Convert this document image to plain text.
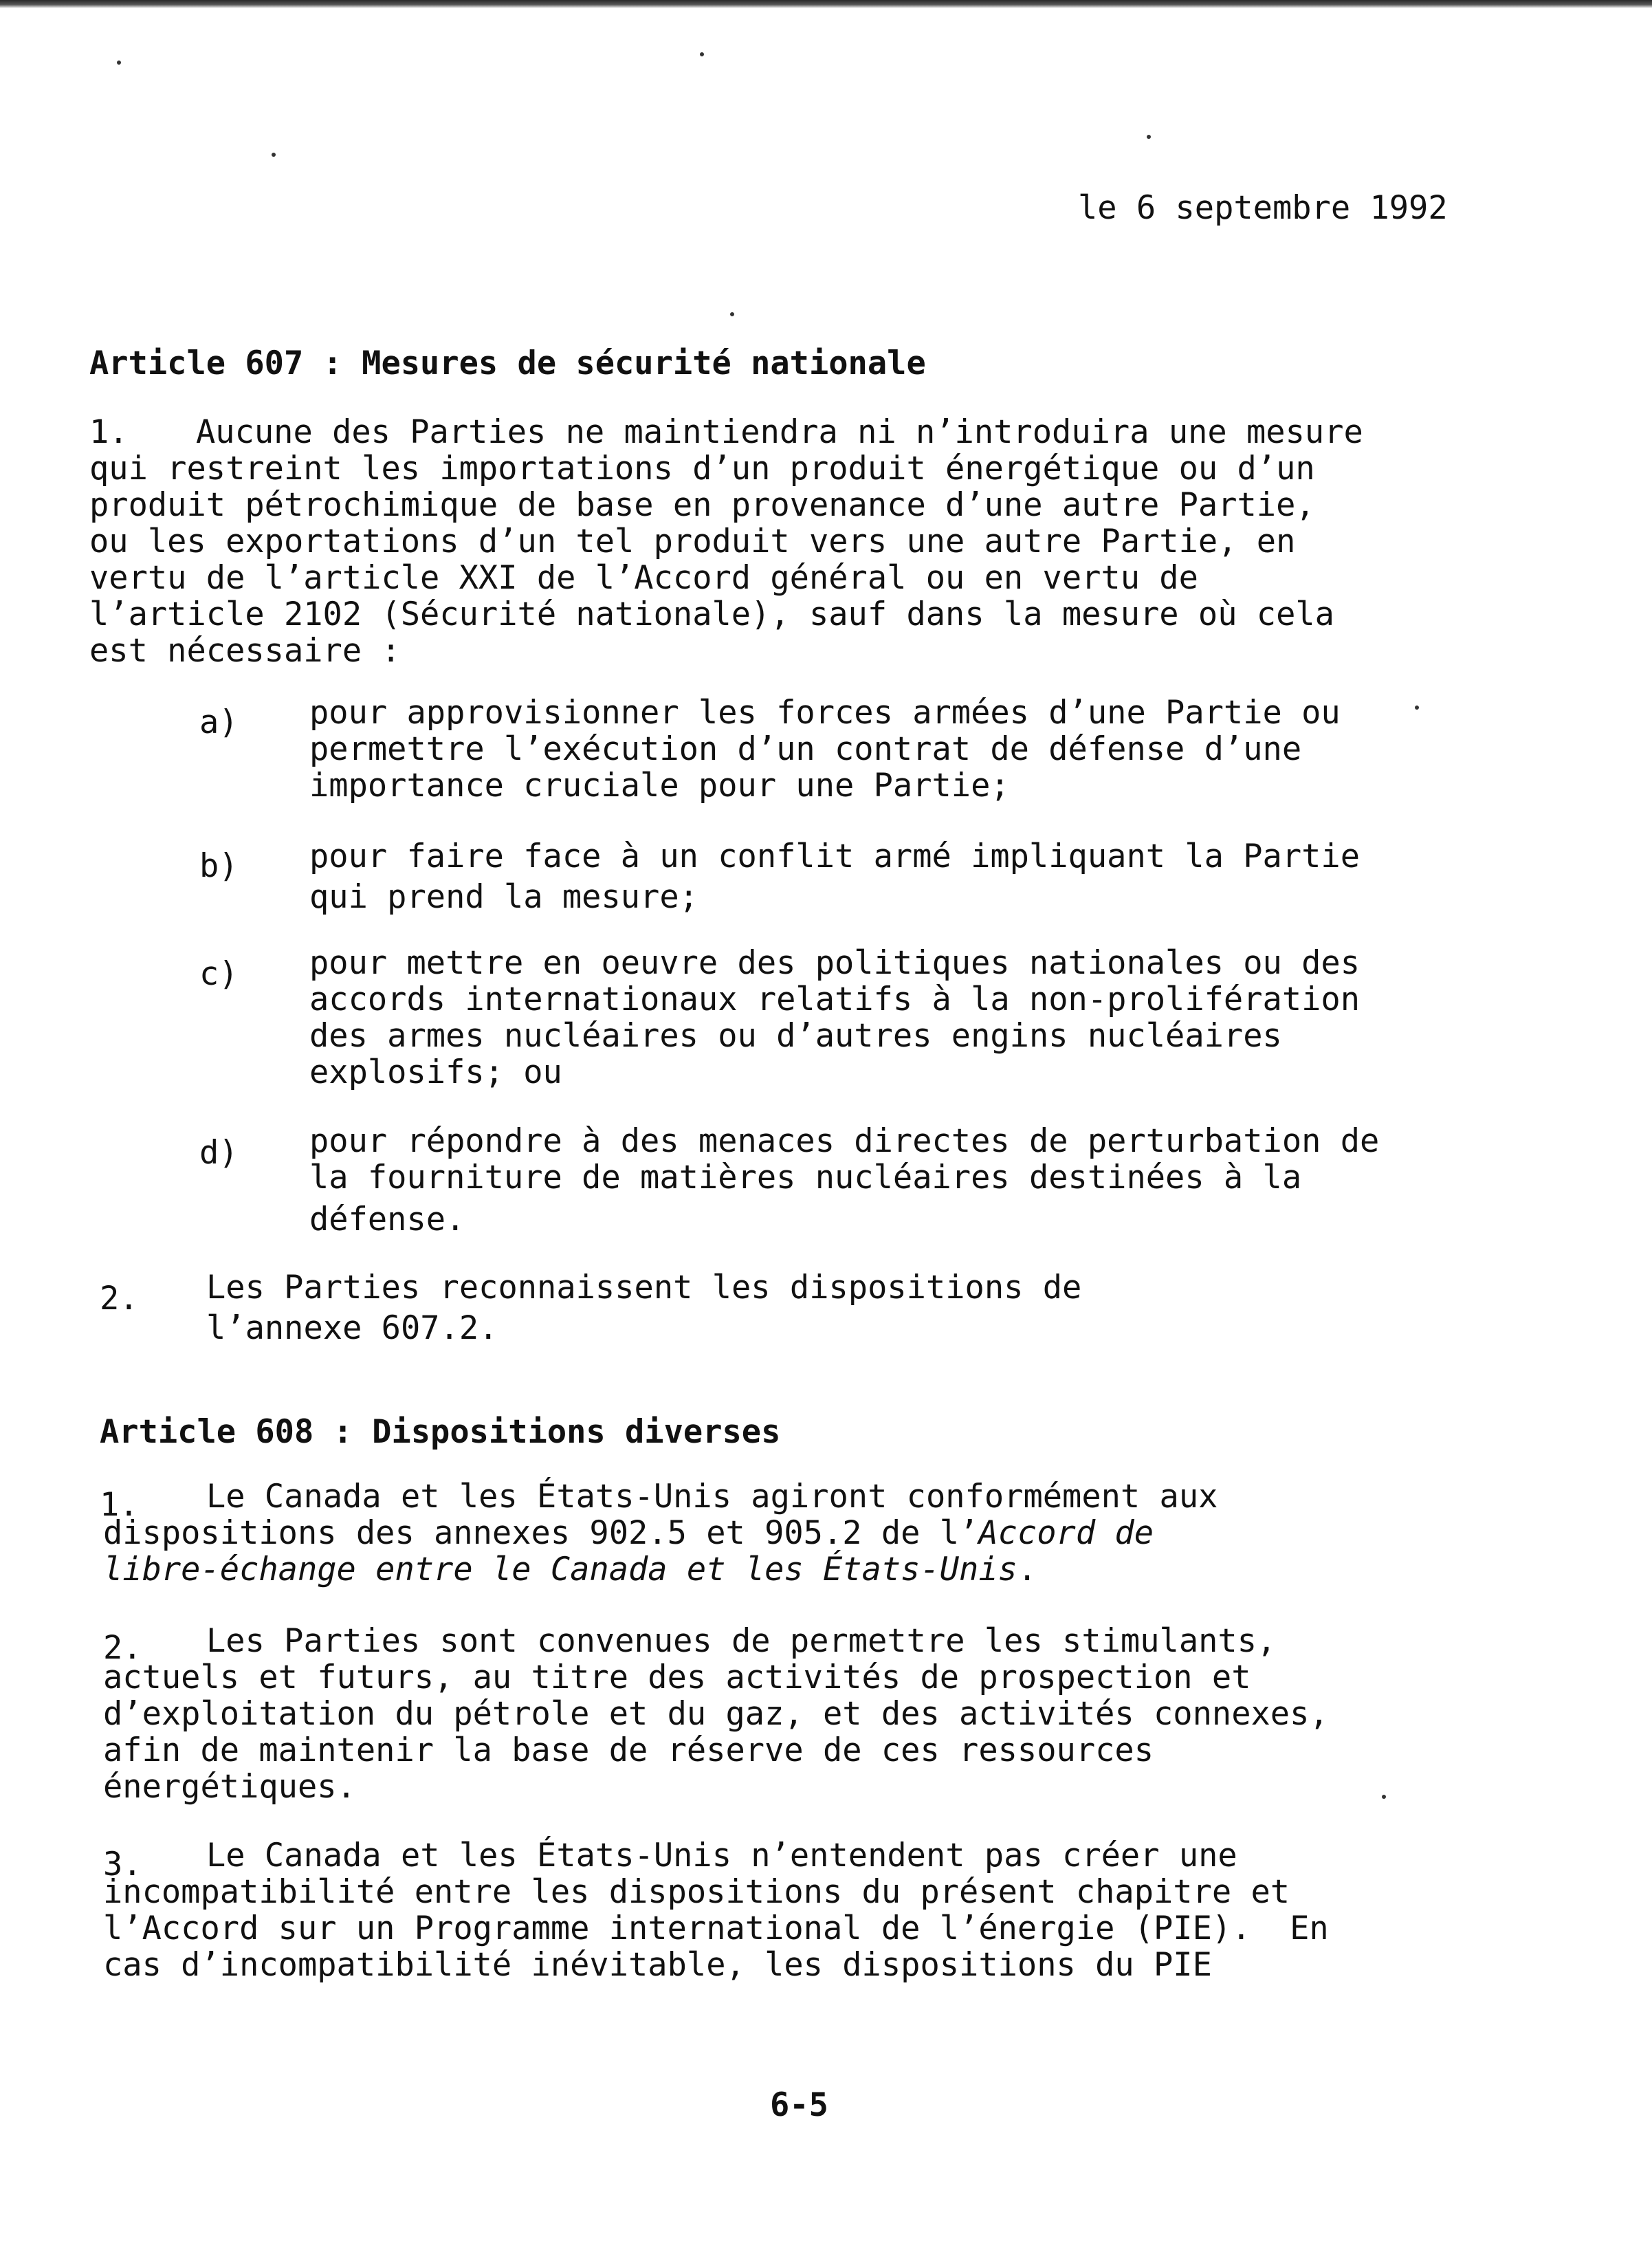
le 6 septembre 1992
Article 607 : Mesures de sécurité nationale
1. Aucune des Parties ne maintiendra ni n’introduira une mesure
qui restreint les importations d’un produit énergétique ou d’un
produit pétrochimique de base en provenance d’une autre Partie,
ou les exportations d’un tel produit vers une autre Partie, en
vertu de l’article XXI de l’Accord général ou en vertu de
l’article 2102 (Sécurité nationale), sauf dans la mesure où cela
est nécessaire :
a) pour approvisionner les forces armées d’une Partie ou
permettre l’exécution d’un contrat de défense d’une
importance cruciale pour une Partie;
b) pour faire face à un conflit armé impliquant la Partie
qui prend la mesure;
c) pour mettre en oeuvre des politiques nationales ou des
accords internationaux relatifs à la non-prolifération
des armes nucléaires ou d’autres engins nucléaires
explosifs; ou
d) pour répondre à des menaces directes de perturbation de
la fourniture de matières nucléaires destinées à la
défense.
2. Les Parties reconnaissent les dispositions de
l’annexe 607.2.
Article 608 : Dispositions diverses
1. Le Canada et les États-Unis agiront conformément aux
dispositions des annexes 902.5 et 905.2 de l’Accord de
libre-échange entre le Canada et les États-Unis.
2. Les Parties sont convenues de permettre les stimulants,
actuels et futurs, au titre des activités de prospection et
d’exploitation du pétrole et du gaz, et des activités connexes,
afin de maintenir la base de réserve de ces ressources
énergétiques.
3. Le Canada et les États-Unis n’entendent pas créer une
incompatibilité entre les dispositions du présent chapitre et
l’Accord sur un Programme international de l’énergie (PIE).  En
cas d’incompatibilité inévitable, les dispositions du PIE
6-5
